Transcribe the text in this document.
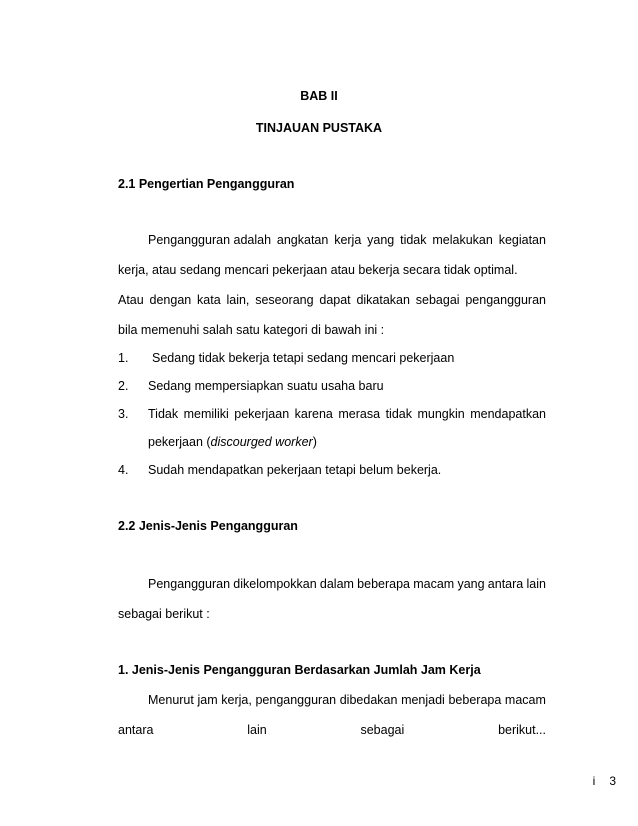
BAB II
TINJAUAN PUSTAKA
2.1 Pengertian Pengangguran
Pengangguran adalah angkatan kerja yang tidak melakukan kegiatan
kerja, atau sedang mencari pekerjaan atau bekerja secara tidak optimal.
Atau dengan kata lain, seseorang dapat dikatakan sebagai pengangguran
bila memenuhi salah satu kategori di bawah ini :
1. Sedang tidak bekerja tetapi sedang mencari pekerjaan
2. Sedang mempersiapkan suatu usaha baru
3. Tidak memiliki pekerjaan karena merasa tidak mungkin mendapatkan
pekerjaan (discourged worker)
4. Sudah mendapatkan pekerjaan tetapi belum bekerja.
2.2 Jenis-Jenis Pengangguran
Pengangguran dikelompokkan dalam beberapa macam yang antara lain
sebagai berikut :
1. Jenis-Jenis Pengangguran Berdasarkan Jumlah Jam Kerja
Menurut jam kerja, pengangguran dibedakan menjadi beberapa macam
antara	lain	sebagai	berikut...
i 3
